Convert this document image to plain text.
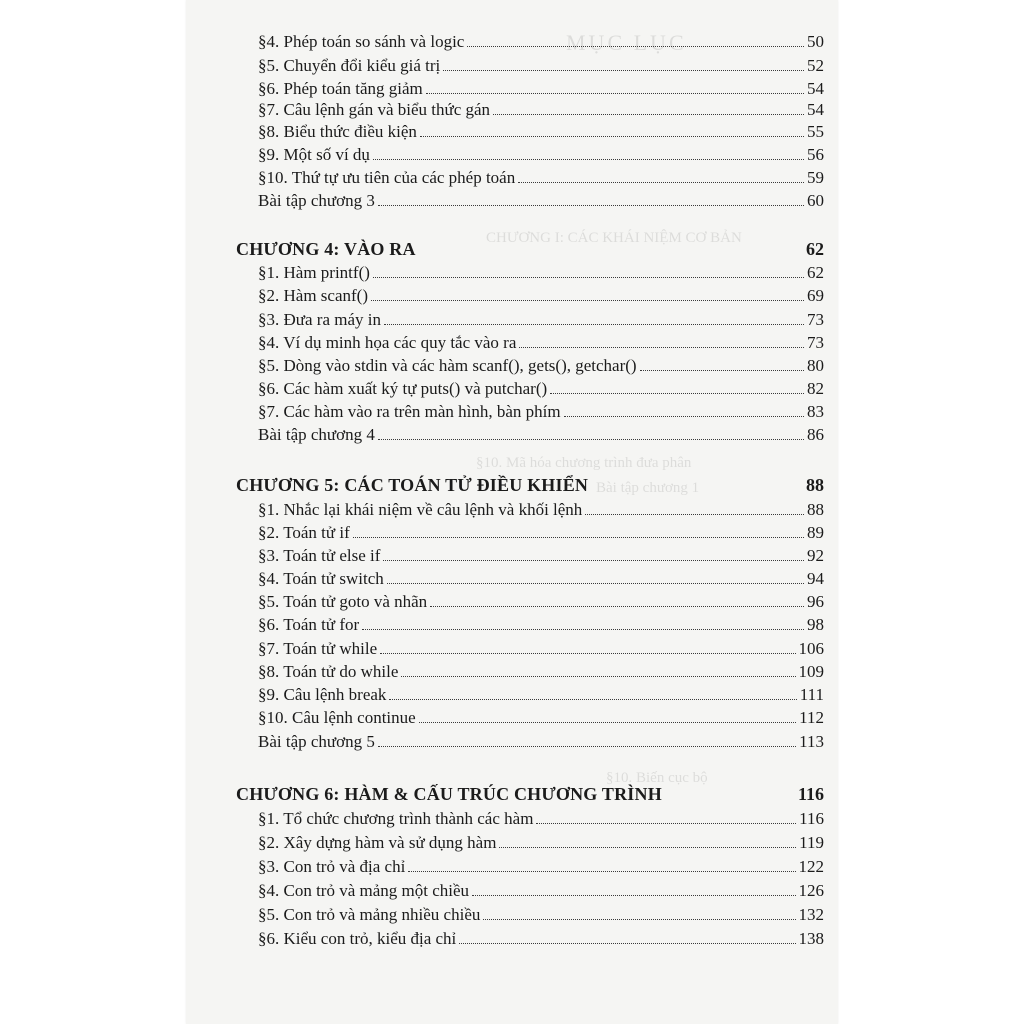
MỤC LỤC
CHƯƠNG I: CÁC KHÁI NIỆM CƠ BẢN
§10. Mã hóa chương trình đưa phân
Bài tập chương 1
§10. Biến cục bộ
§4. Phép toán so sánh và logic	50
§5. Chuyển đổi kiểu giá trị	52
§6. Phép toán tăng giảm	54
§7. Câu lệnh gán và biểu thức gán	54
§8. Biểu thức điều kiện	55
§9. Một số ví dụ	56
§10. Thứ tự ưu tiên của các phép toán	59
Bài tập chương 3	60
CHƯƠNG 4: VÀO RA	62
§1. Hàm printf()	62
§2. Hàm scanf()	69
§3. Đưa ra máy in	73
§4. Ví dụ minh họa các quy tắc vào ra	73
§5. Dòng vào stdin và các hàm scanf(), gets(), getchar()	80
§6. Các hàm xuất ký tự puts() và putchar()	82
§7. Các hàm vào ra trên màn hình, bàn phím	83
Bài tập chương 4	86
CHƯƠNG 5: CÁC TOÁN TỬ ĐIỀU KHIỂN	88
§1. Nhắc lại khái niệm về câu lệnh và khối lệnh	88
§2. Toán tử if	89
§3. Toán tử else if	92
§4. Toán tử switch	94
§5. Toán tử goto và nhãn	96
§6. Toán tử for	98
§7. Toán tử while	106
§8. Toán tử do while	109
§9. Câu lệnh break	111
§10. Câu lệnh continue	112
Bài tập chương 5	113
CHƯƠNG 6: HÀM & CẤU TRÚC CHƯƠNG TRÌNH	116
§1. Tổ chức chương trình thành các hàm	116
§2. Xây dựng hàm và sử dụng hàm	119
§3. Con trỏ và địa chỉ	122
§4. Con trỏ và mảng một chiều	126
§5. Con trỏ và mảng nhiều chiều	132
§6. Kiểu con trỏ, kiểu địa chỉ	138
